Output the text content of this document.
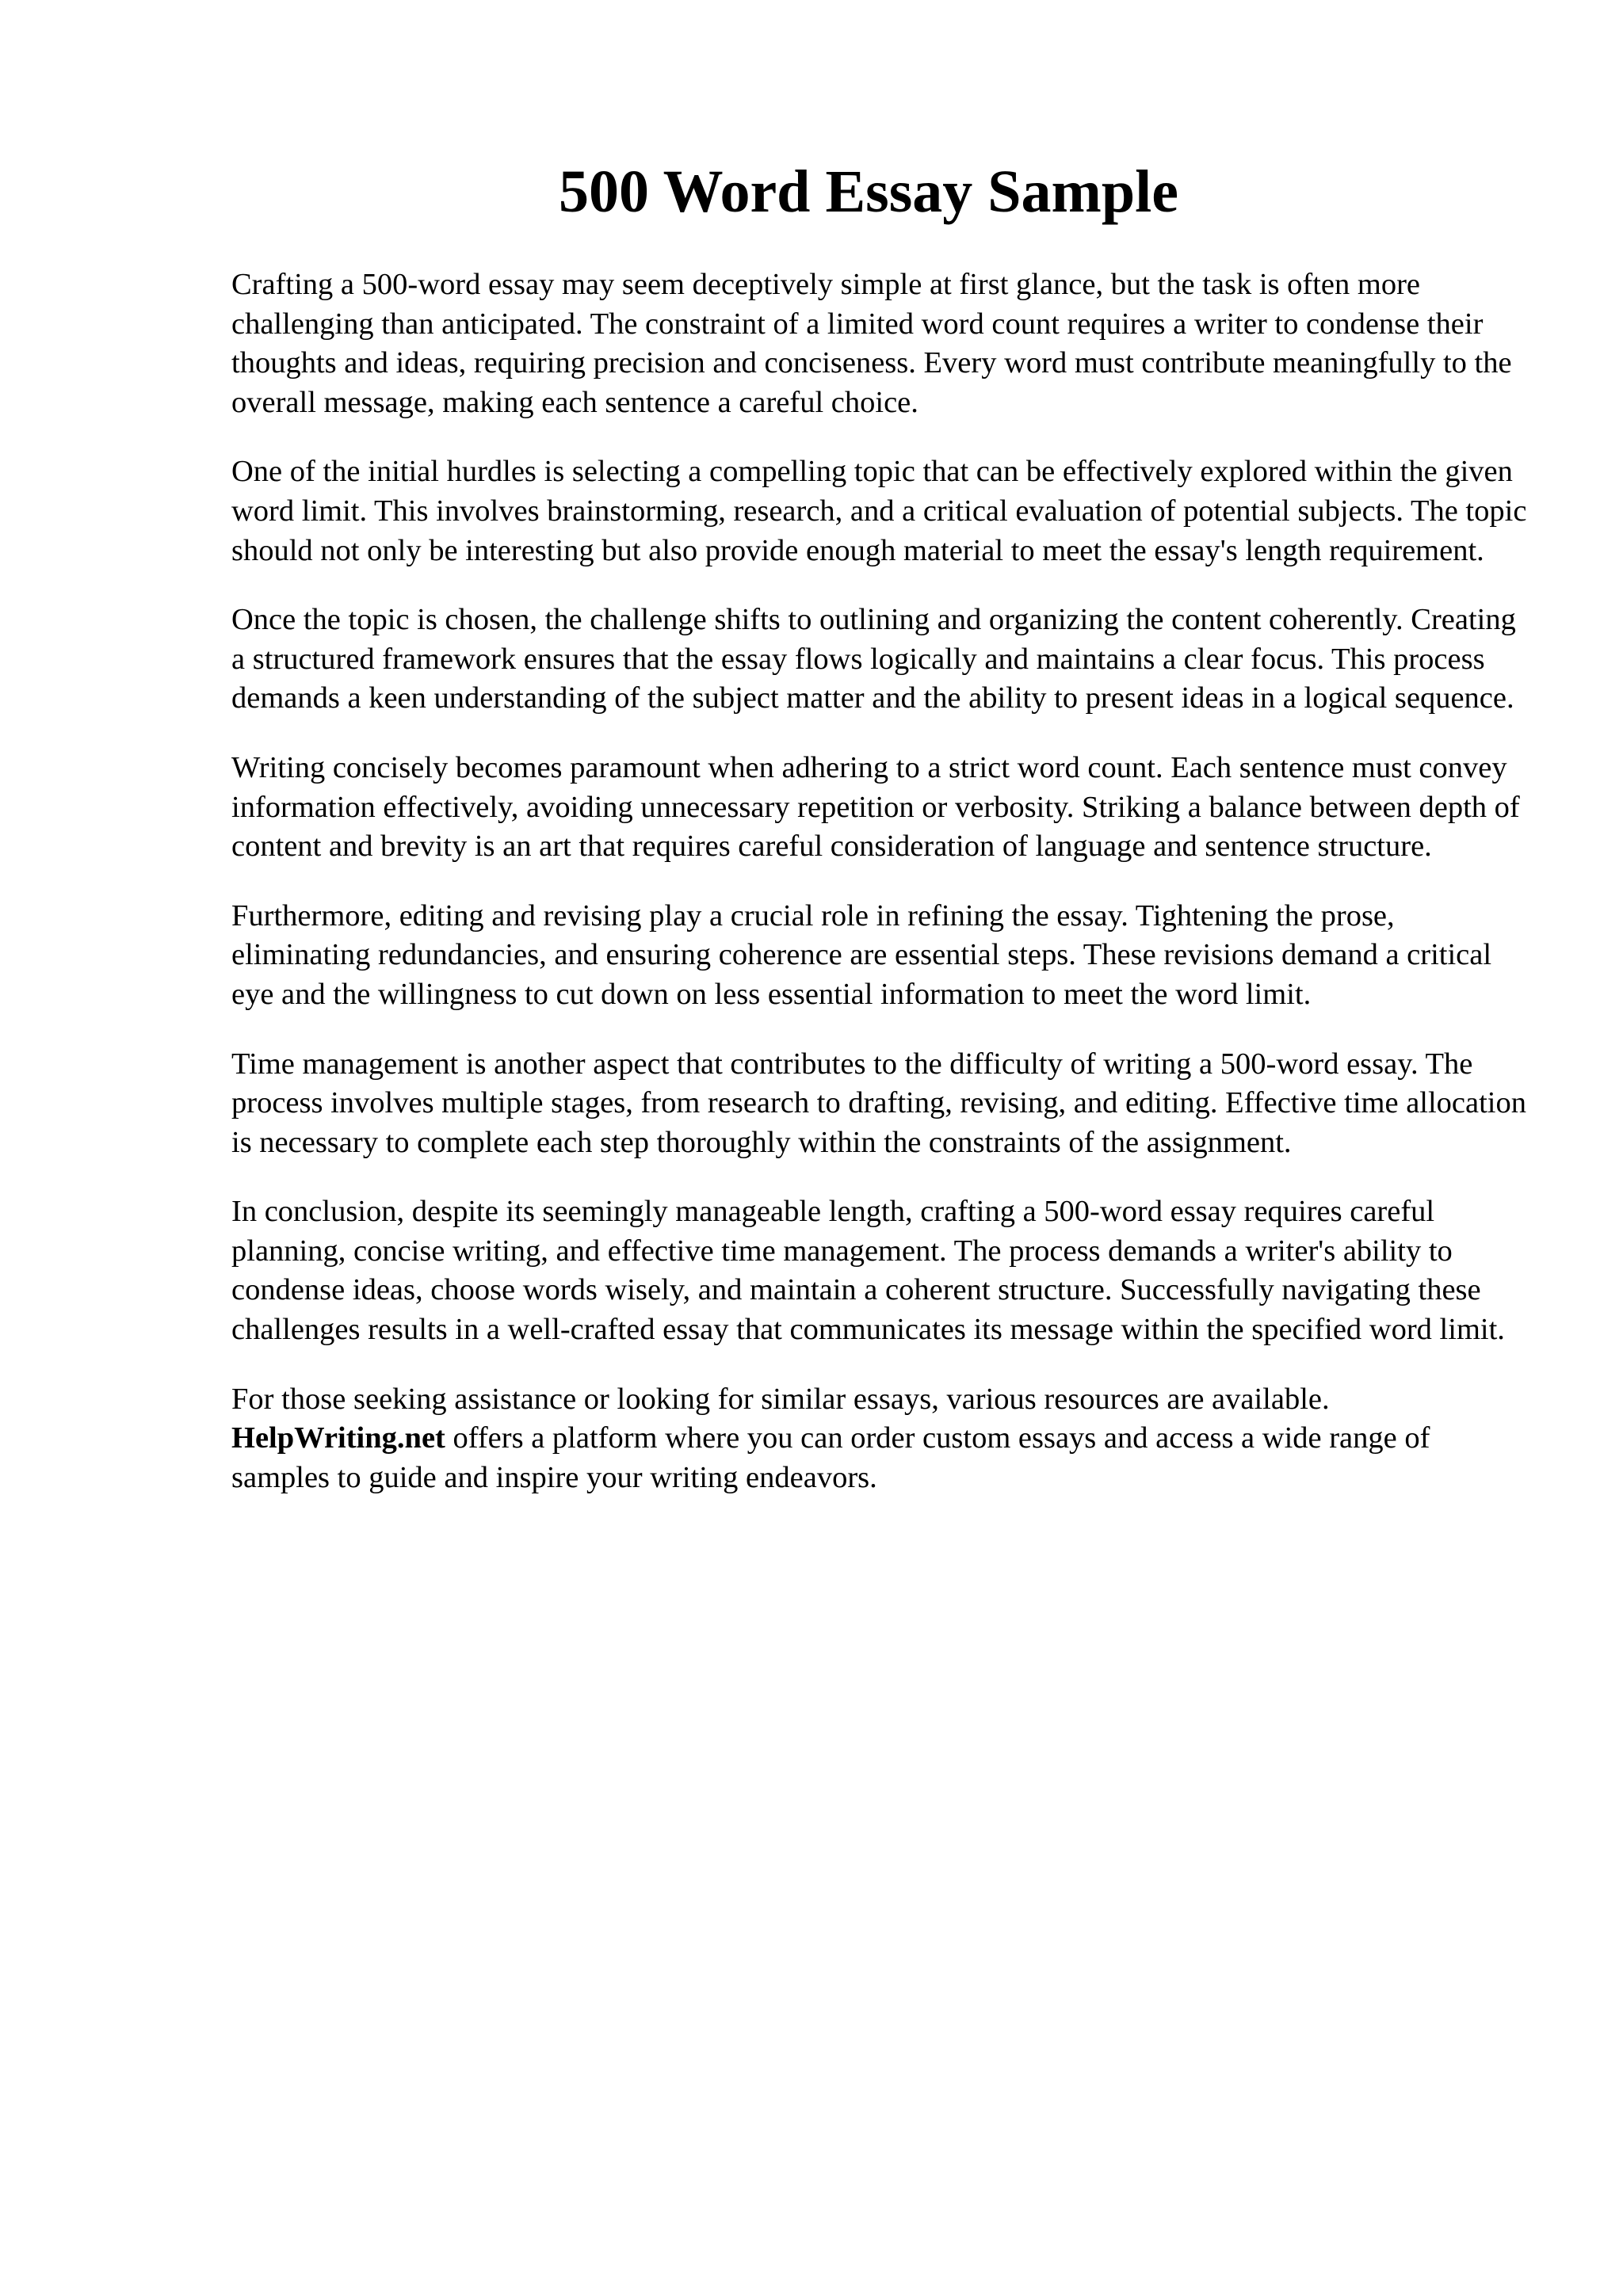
500 Word Essay Sample

Crafting a 500-word essay may seem deceptively simple at first glance, but the task is often more challenging than anticipated. The constraint of a limited word count requires a writer to condense their thoughts and ideas, requiring precision and conciseness. Every word must contribute meaningfully to the overall message, making each sentence a careful choice.

One of the initial hurdles is selecting a compelling topic that can be effectively explored within the given word limit. This involves brainstorming, research, and a critical evaluation of potential subjects. The topic should not only be interesting but also provide enough material to meet the essay's length requirement.

Once the topic is chosen, the challenge shifts to outlining and organizing the content coherently. Creating a structured framework ensures that the essay flows logically and maintains a clear focus. This process demands a keen understanding of the subject matter and the ability to present ideas in a logical sequence.

Writing concisely becomes paramount when adhering to a strict word count. Each sentence must convey information effectively, avoiding unnecessary repetition or verbosity. Striking a balance between depth of content and brevity is an art that requires careful consideration of language and sentence structure.

Furthermore, editing and revising play a crucial role in refining the essay. Tightening the prose, eliminating redundancies, and ensuring coherence are essential steps. These revisions demand a critical eye and the willingness to cut down on less essential information to meet the word limit.

Time management is another aspect that contributes to the difficulty of writing a 500-word essay. The process involves multiple stages, from research to drafting, revising, and editing. Effective time allocation is necessary to complete each step thoroughly within the constraints of the assignment.

In conclusion, despite its seemingly manageable length, crafting a 500-word essay requires careful planning, concise writing, and effective time management. The process demands a writer's ability to condense ideas, choose words wisely, and maintain a coherent structure. Successfully navigating these challenges results in a well-crafted essay that communicates its message within the specified word limit.

For those seeking assistance or looking for similar essays, various resources are available.
HelpWriting.net offers a platform where you can order custom essays and access a wide range of samples to guide and inspire your writing endeavors.
